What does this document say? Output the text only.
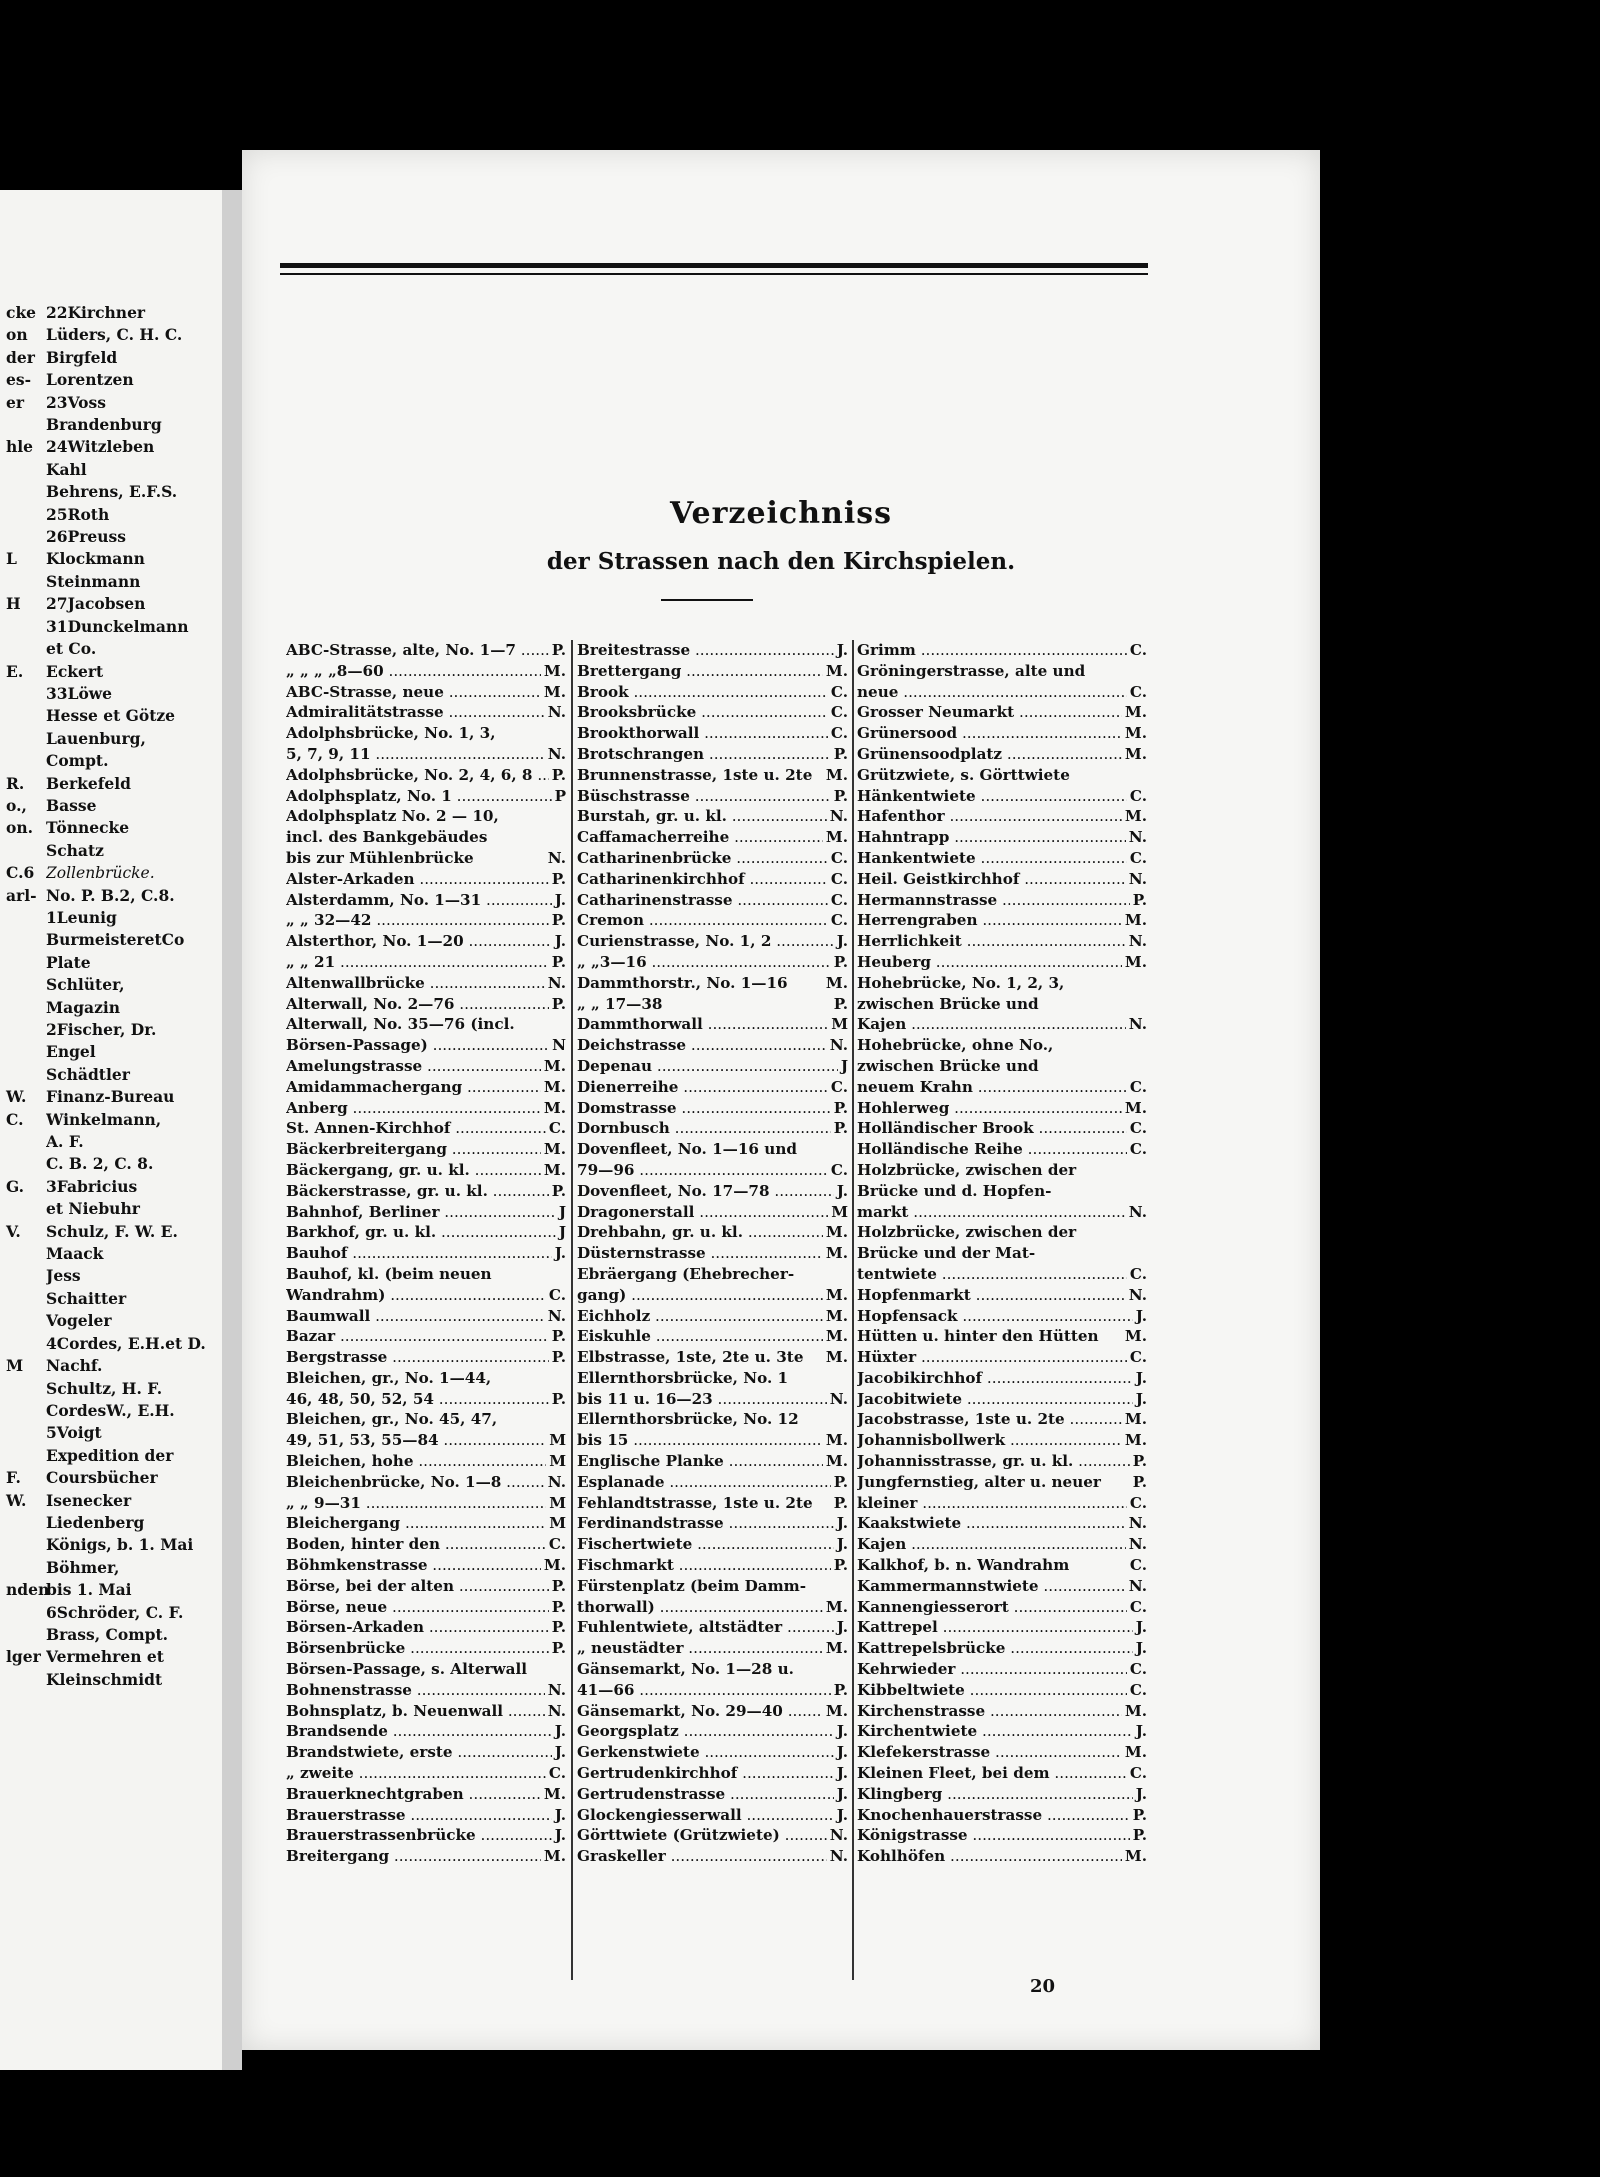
cke 22Kirchner
on	Lüders, C. H. C.
der Birgfeld
es- Lorentzen
er	23Voss
Brandenburg
hle 24Witzleben
Kahl
Behrens, E.F.S.
25Roth
26Preuss
L	Klockmann
Steinmann
H	27Jacobsen
31Dunckelmann
et Co.
E.	Eckert
33Löwe
Hesse et Götze
Lauenburg,
Compt.
R.	Berkefeld
o.,	Basse
on. Tönnecke
Schatz
C.6 Zollenbrücke.
arl- No. P. B.2, C.8.
1Leunig
BurmeisteretCo
Plate
Schlüter,
Magazin
2Fischer, Dr.
Engel
Schädtler
W.	Finanz-Bureau
C.	Winkelmann,
A. F.
C. B. 2, C. 8.
G.	3Fabricius
et Niebuhr
V.	Schulz, F. W. E.
Maack
Jess
Schaitter
Vogeler
4Cordes, E.H.et D.
M	Nachf.
Schultz, H. F.
CordesW., E.H.
5Voigt
Expedition der
F.	Coursbücher
W.	Isenecker
Liedenberg
Königs, b. 1. Mai
Böhmer,
nden
bis 1. Mai
6Schröder, C. F.
Brass, Compt.
lger Vermehren et
Kleinschmidt
Verzeichniss
der Strassen nach den Kirchspielen.
ABC-Strasse, alte, No. 1—7 .....	P.
„ „ „ „8—60 .....	M.
ABC-Strasse, neue .....	M.
Admiralitätstrasse .....	N.
Adolphsbrücke, No. 1, 3,
5, 7, 9, 11 .....	N.
Adolphsbrücke, No. 2, 4, 6, 8 .....	P.
Adolphsplatz, No. 1 .....	P
Adolphsplatz No. 2 — 10,
incl. des Bankgebäudes
bis zur Mühlenbrücke	N.
Alster-Arkaden .....	P.
Alsterdamm, No. 1—31 .....	J.
„ „ 32—42 .....	P.
Alsterthor, No. 1—20 .....	J.
„ „ 21 .....	P.
Altenwallbrücke .....	N.
Alterwall, No. 2—76 .....	P.
Alterwall, No. 35—76 (incl.
Börsen-Passage) .....	N
Amelungstrasse .....	M.
Amidammachergang .....	M.
Anberg .....	M.
St. Annen-Kirchhof .....	C.
Bäckerbreitergang .....	M.
Bäckergang, gr. u. kl. .....	M.
Bäckerstrasse, gr. u. kl. .....	P.
Bahnhof, Berliner .....	J
Barkhof, gr. u. kl. .....	J
Bauhof .....	J.
Bauhof, kl. (beim neuen
Wandrahm) .....	C.
Baumwall .....	N.
Bazar .....	P.
Bergstrasse .....	P.
Bleichen, gr., No. 1—44,
46, 48, 50, 52, 54 .....	P.
Bleichen, gr., No. 45, 47,
49, 51, 53, 55—84 .....	M
Bleichen, hohe .....	M
Bleichenbrücke, No. 1—8 .....	N.
„ „ 9—31 .....	M
Bleichergang .....	M
Boden, hinter den .....	C.
Böhmkenstrasse .....	M.
Börse, bei der alten .....	P.
Börse, neue .....	P.
Börsen-Arkaden .....	P.
Börsenbrücke .....	P.
Börsen-Passage, s. Alterwall
Bohnenstrasse .....	N.
Bohnsplatz, b. Neuenwall .....	N.
Brandsende .....	J.
Brandstwiete, erste .....	J.
„ zweite .....	C.
Brauerknechtgraben .....	M.
Brauerstrasse .....	J.
Brauerstrassenbrücke .....	J.
Breitergang .....	M.
Breitestrasse .....	J.
Brettergang .....	M.
Brook .....	C.
Brooksbrücke .....	C.
Brookthorwall .....	C.
Brotschrangen .....	P.
Brunnenstrasse, 1ste u. 2te M.
Büschstrasse .....	P.
Burstah, gr. u. kl. .....	N.
Caffamacherreihe .....	M.
Catharinenbrücke .....	C.
Catharinenkirchhof .....	C.
Catharinenstrasse .....	C.
Cremon .....	C.
Curienstrasse, No. 1, 2 .....	J.
„ „3—16 .....	P.
Dammthorstr., No. 1—16	M.
„ „ 17—38	P.
Dammthorwall .....	M
Deichstrasse .....	N.
Depenau .....	J
Dienerreihe .....	C.
Domstrasse .....	P.
Dornbusch .....	P.
Dovenfleet, No. 1—16 und
79—96 .....	C.
Dovenfleet, No. 17—78 .....	J.
Dragonerstall .....	M
Drehbahn, gr. u. kl. .....	M.
Düsternstrasse .....	M.
Ebräergang (Ehebrecher-
gang) .....	M.
Eichholz .....	M.
Eiskuhle .....	M.
Elbstrasse, 1ste, 2te u. 3te	M.
Ellernthorsbrücke, No. 1
bis 11 u. 16—23 .....	N.
Ellernthorsbrücke, No. 12
bis 15 .....	M.
Englische Planke .....	M.
Esplanade .....	P.
Fehlandtstrasse, 1ste u. 2te	P.
Ferdinandstrasse .....	J.
Fischertwiete .....	J.
Fischmarkt .....	P.
Fürstenplatz (beim Damm-
thorwall) .....	M.
Fuhlentwiete, altstädter .....	J.
„ neustädter .....	M.
Gänsemarkt, No. 1—28 u.
41—66 .....	P.
Gänsemarkt, No. 29—40 .....	M.
Georgsplatz .....	J.
Gerkenstwiete .....	J.
Gertrudenkirchhof .....	J.
Gertrudenstrasse .....	J.
Glockengiesserwall .....	J.
Görttwiete (Grützwiete) .....	N.
Graskeller .....	N.
Grimm .....	C.
Gröningerstrasse, alte und
neue .....	C.
Grosser Neumarkt .....	M.
Grünersood .....	M.
Grünensoodplatz .....	M.
Grützwiete, s. Görttwiete
Hänkentwiete .....	C.
Hafenthor .....	M.
Hahntrapp .....	N.
Hankentwiete .....	C.
Heil. Geistkirchhof .....	N.
Hermannstrasse .....	P.
Herrengraben .....	M.
Herrlichkeit .....	N.
Heuberg .....	M.
Hohebrücke, No. 1, 2, 3,
zwischen Brücke und
Kajen .....	N.
Hohebrücke, ohne No.,
zwischen Brücke und
neuem Krahn .....	C.
Hohlerweg .....	M.
Holländischer Brook .....	C.
Holländische Reihe .....	C.
Holzbrücke, zwischen der
Brücke und d. Hopfen-
markt .....	N.
Holzbrücke, zwischen der
Brücke und der Mat-
tentwiete .....	C.
Hopfenmarkt .....	N.
Hopfensack .....	J.
Hütten u. hinter den Hütten	M.
Hüxter .....	C.
Jacobikirchhof .....	J.
Jacobitwiete .....	J.
Jacobstrasse, 1ste u. 2te .....	M.
Johannisbollwerk .....	M.
Johannisstrasse, gr. u. kl. .....	P.
Jungfernstieg, alter u. neuer	P.
kleiner .....	C.
Kaakstwiete .....	N.
Kajen .....	N.
Kalkhof, b. n. Wandrahm	C.
Kammermannstwiete .....	N.
Kannengiesserort .....	C.
Kattrepel .....	J.
Kattrepelsbrücke .....	J.
Kehrwieder .....	C.
Kibbeltwiete .....	C.
Kirchenstrasse .....	M.
Kirchentwiete .....	J.
Klefekerstrasse .....	M.
Kleinen Fleet, bei dem .....	C.
Klingberg .....	J.
Knochenhauerstrasse .....	P.
Königstrasse .....	P.
Kohlhöfen .....	M.
20
